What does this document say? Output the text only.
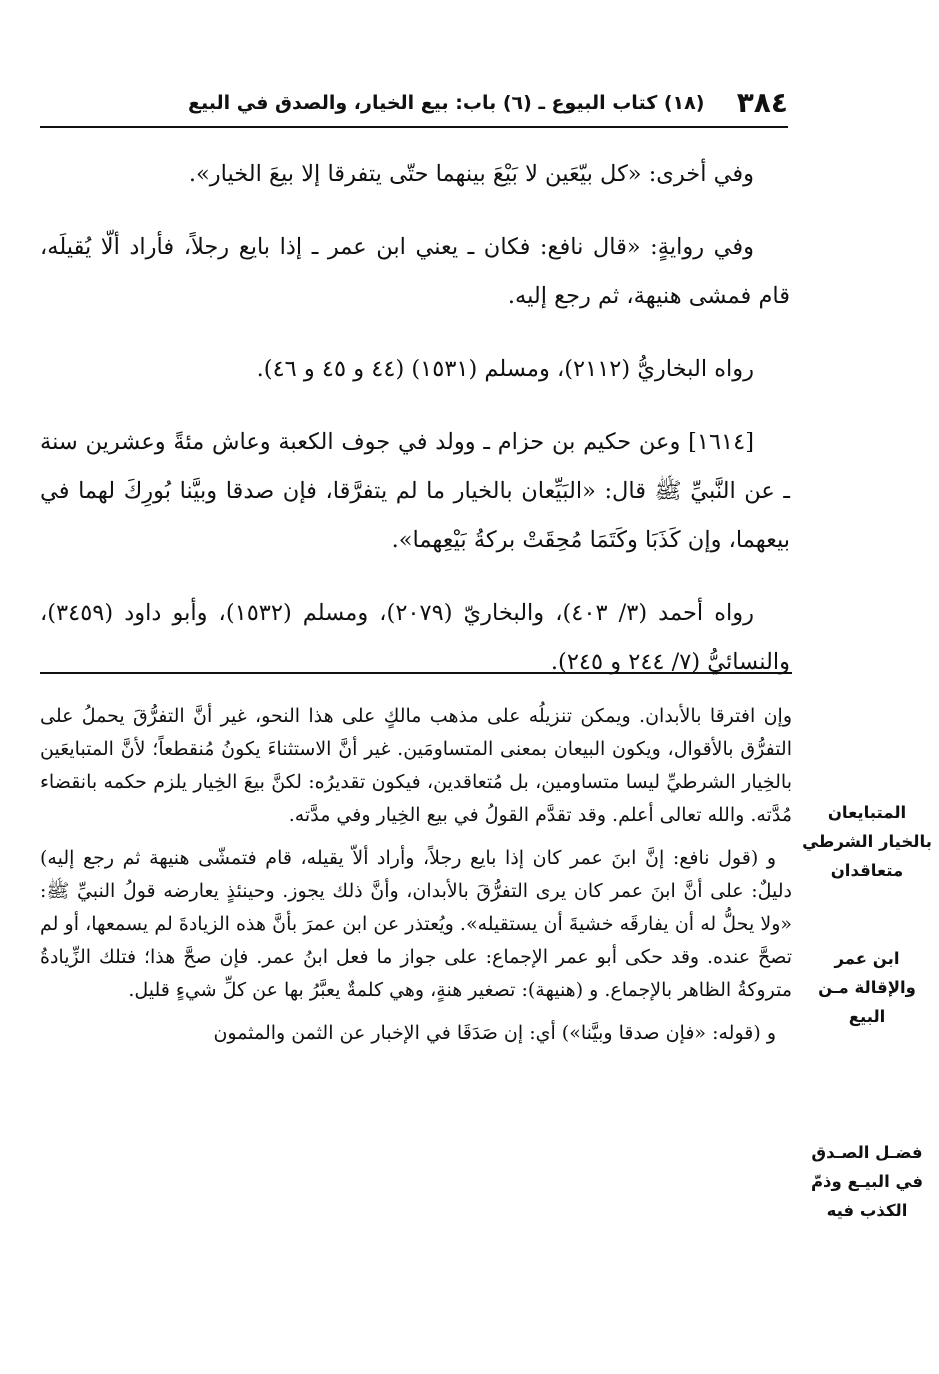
٣٨٤
(١٨) كتاب البيوع ـ (٦) باب: بيع الخيار، والصدق في البيع

وفي أخرى: «كل بيّعَين لا بَيْعَ بينهما حتّى يتفرقا إلا بيعَ الخيار».

وفي روايةٍ: «قال نافع: فكان ـ يعني ابن عمر ـ إذا بايع رجلاً، فأراد ألّا يُقيلَه، قام فمشى هنيهة، ثم رجع إليه.

رواه البخاريُّ (٢١١٢)، ومسلم (١٥٣١) (٤٤ و ٤٥ و ٤٦).

[١٦١٤] وعن حكيم بن حزام ـ وولد في جوف الكعبة وعاش مئةً وعشرين سنة ـ عن النَّبيِّ ﷺ قال: «البَيِّعان بالخيار ما لم يتفرَّقا، فإن صدقا وبيَّنا بُورِكَ لهما في بيعهما، وإن كَذَبَا وكَتَمَا مُحِقَتْ بركةُ بَيْعِهما».

رواه أحمد (٣/ ٤٠٣)، والبخاريّ (٢٠٧٩)، ومسلم (١٥٣٢)، وأبو داود (٣٤٥٩)، والنسائيُّ (٧/ ٢٤٤ و ٢٤٥).

وإن افترقا بالأبدان. ويمكن تنزيلُه على مذهب مالكٍ على هذا النحو، غير أنَّ التفرُّقَ يحملُ على التفرُّق بالأقوال، ويكون البيعان بمعنى المتساومَين. غير أنَّ الاستثناءَ يكونُ مُنقطعاً؛ لأنَّ المتبايعَين بالخِيار الشرطيِّ ليسا متساومين، بل مُتعاقدين، فيكون تقديرُه: لكنَّ بيعَ الخِيار يلزم حكمه بانقضاء مُدَّته. والله تعالى أعلم. وقد تقدَّم القولُ في بيع الخِيار وفي مدَّته.

و (قول نافع: إنَّ ابنَ عمر كان إذا بايع رجلاً، وأراد ألاّ يقيله، قام فتمشّى هنيهة ثم رجع إليه) دليلٌ: على أنَّ ابنَ عمر كان يرى التفرُّقَ بالأبدان، وأنَّ ذلك يجوز. وحينئذٍ يعارضه قولُ النبيِّ ﷺ: «ولا يحلُّ له أن يفارقَه خشيةَ أن يستقيله». ويُعتذر عن ابن عمرَ بأنَّ هذه الزيادةَ لم يسمعها، أو لم تصحَّ عنده. وقد حكى أبو عمر الإجماع: على جواز ما فعل ابنُ عمر. فإن صحَّ هذا؛ فتلك الزِّيادةُ متروكةُ الظاهر بالإجماع. و (هنيهة): تصغير هنةٍ، وهي كلمةٌ يعبَّرُ بها عن كلِّ شيءٍ قليل.

و (قوله: «فإن صدقا وبيَّنا») أي: إن صَدَقَا في الإخبار عن الثمن والمثمون

المتبايعان بالخيار الشرطي متعاقدان
ابن عمر والإقالة مـن البيع
فضـل الصـدق في البيـع وذمّ الكذب فيه
